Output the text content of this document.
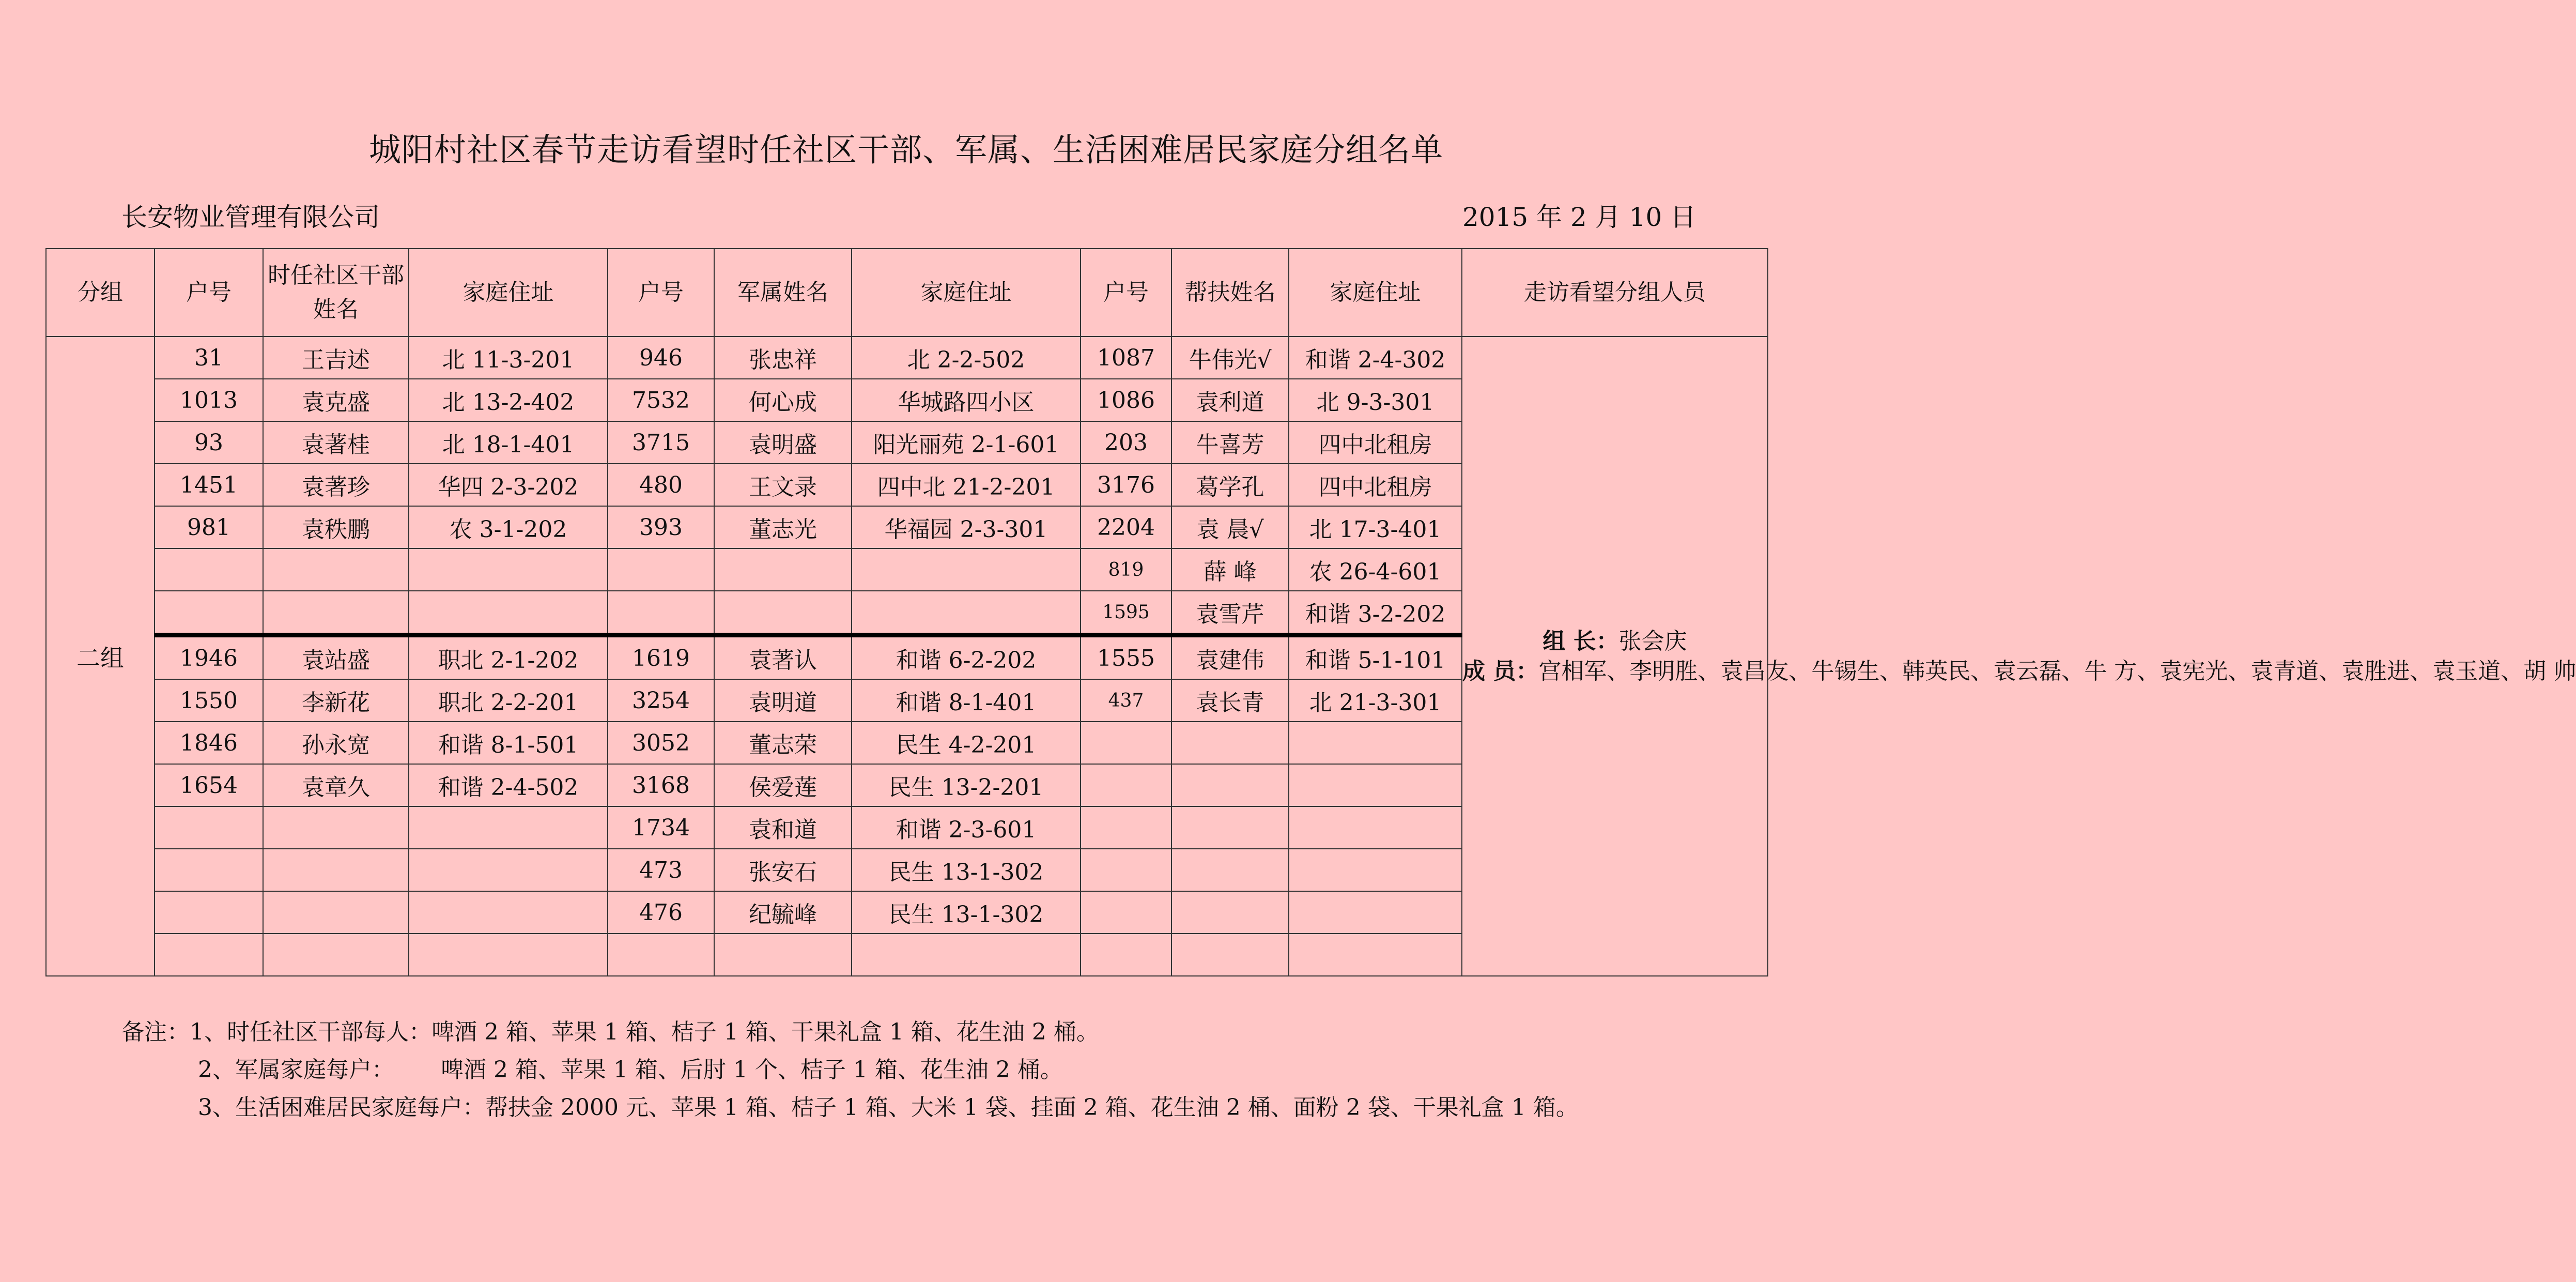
城阳村社区春节走访看望时任社区干部、军属、生活困难居民家庭分组名单
长安物业管理有限公司	2015 年 2 月 10 日
分组	户号	时任社区干部姓名	家庭住址	户号	军属姓名	家庭住址	户号	帮扶姓名	家庭住址	走访看望分组人员
二组	31	王吉述	北 11-3-201	946	张忠祥	北 2-2-502	1087	牛伟光√	和谐 2-4-302	组 长：张会庆
成 员：宫相军、李明胜、袁昌友、牛锡生、韩英民、袁云磊、牛 方、袁宪光、袁青道、袁胜进、袁玉道、胡 帅

	1013	袁克盛	北 13-2-402	7532	何心成	华城路四小区	1086	袁利道	北 9-3-301	
	93	袁著桂	北 18-1-401	3715	袁明盛	阳光丽苑 2-1-601	203	牛喜芳	四中北租房	
	1451	袁著珍	华四 2-3-202	480	王文录	四中北 21-2-201	3176	葛学孔	四中北租房	
	981	袁秩鹏	农 3-1-202	393	董志光	华福园 2-3-301	2204	袁 晨√	北 17-3-401	
							819	薛 峰	农 26-4-601	
							1595	袁雪芹	和谐 3-2-202	
	1946	袁站盛	职北 2-1-202	1619	袁著认	和谐 6-2-202	1555	袁建伟	和谐 5-1-101	
	1550	李新花	职北 2-2-201	3254	袁明道	和谐 8-1-401	437	袁长青	北 21-3-301	
	1846	孙永宽	和谐 8-1-501	3052	董志荣	民生 4-2-201				
	1654	袁章久	和谐 2-4-502	3168	侯爱莲	民生 13-2-201				
				1734	袁和道	和谐 2-3-601				
				473	张安石	民生 13-1-302				
				476	纪毓峰	民生 13-1-302				

备注：1、时任社区干部每人：啤酒 2 箱、苹果 1 箱、桔子 1 箱、干果礼盒 1 箱、花生油 2 桶。
2、军属家庭每户： 啤酒 2 箱、苹果 1 箱、后肘 1 个、桔子 1 箱、花生油 2 桶。
3、生活困难居民家庭每户：帮扶金 2000 元、苹果 1 箱、桔子 1 箱、大米 1 袋、挂面 2 箱、花生油 2 桶、面粉 2 袋、干果礼盒 1 箱。
